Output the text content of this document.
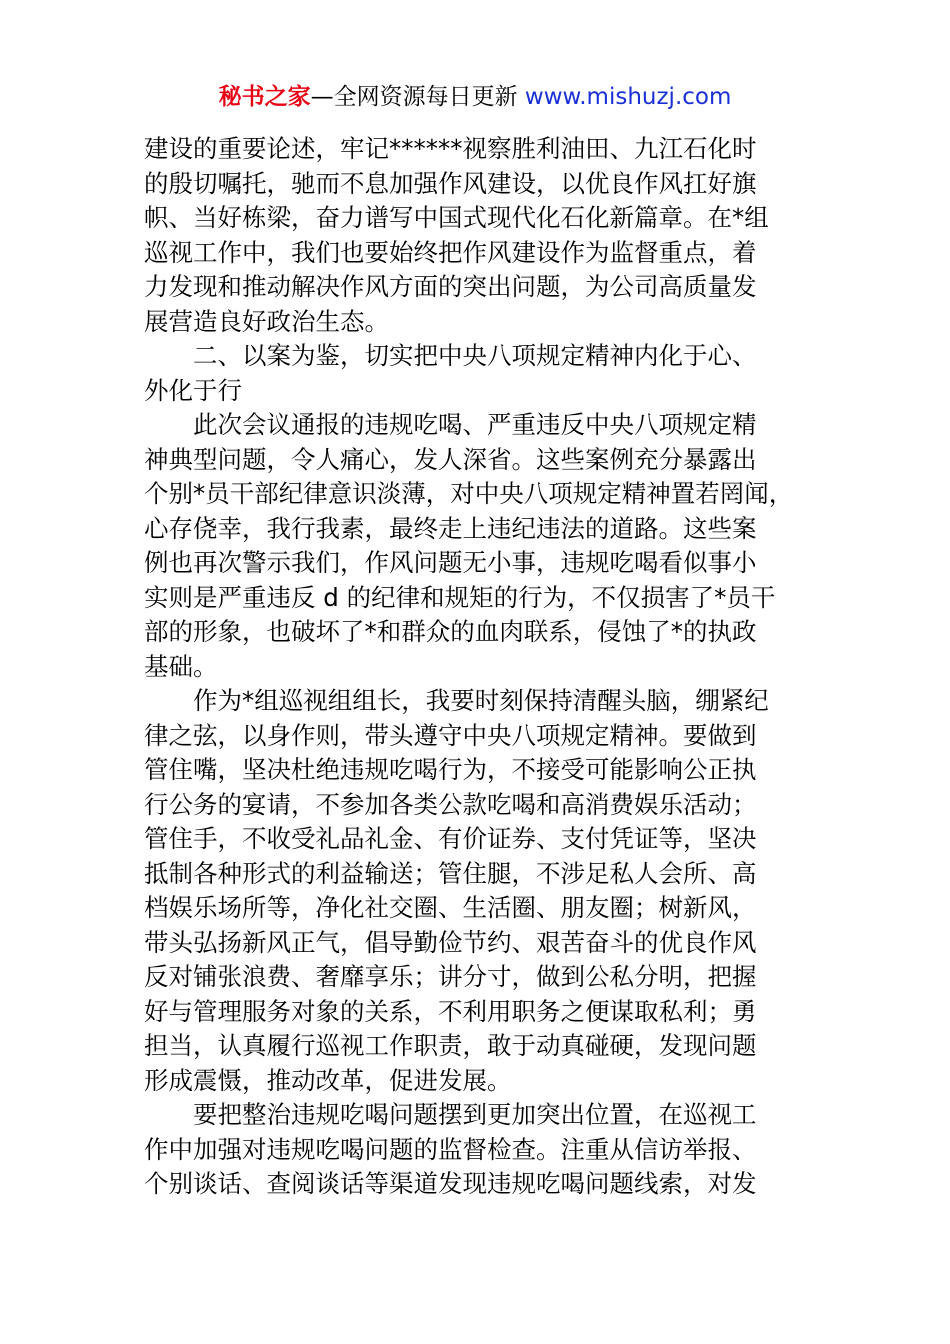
秘书之家—全网资源每日更新 www.mishuzj.com
建设的重要论述，牢记******视察胜利油田、九江石化时
的殷切嘱托，驰而不息加强作风建设，以优良作风扛好旗
帜、当好栋梁，奋力谱写中国式现代化石化新篇章。在*组
巡视工作中，我们也要始终把作风建设作为监督重点，着
力发现和推动解决作风方面的突出问题，为公司高质量发
展营造良好政治生态。
二、以案为鉴，切实把中央八项规定精神内化于心、
外化于行
此次会议通报的违规吃喝、严重违反中央八项规定精
神典型问题，令人痛心，发人深省。这些案例充分暴露出
个别*员干部纪律意识淡薄，对中央八项规定精神置若罔闻，
心存侥幸，我行我素，最终走上违纪违法的道路。这些案
例也再次警示我们，作风问题无小事，违规吃喝看似事小
实则是严重违反 d 的纪律和规矩的行为，不仅损害了*员干
部的形象，也破坏了*和群众的血肉联系，侵蚀了*的执政
基础。
作为*组巡视组组长，我要时刻保持清醒头脑，绷紧纪
律之弦，以身作则，带头遵守中央八项规定精神。要做到
管住嘴，坚决杜绝违规吃喝行为，不接受可能影响公正执
行公务的宴请，不参加各类公款吃喝和高消费娱乐活动；
管住手，不收受礼品礼金、有价证券、支付凭证等，坚决
抵制各种形式的利益输送；管住腿，不涉足私人会所、高
档娱乐场所等，净化社交圈、生活圈、朋友圈；树新风，
带头弘扬新风正气，倡导勤俭节约、艰苦奋斗的优良作风
反对铺张浪费、奢靡享乐；讲分寸，做到公私分明，把握
好与管理服务对象的关系，不利用职务之便谋取私利；勇
担当，认真履行巡视工作职责，敢于动真碰硬，发现问题
形成震慑，推动改革，促进发展。
要把整治违规吃喝问题摆到更加突出位置，在巡视工
作中加强对违规吃喝问题的监督检查。注重从信访举报、
个别谈话、查阅谈话等渠道发现违规吃喝问题线索，对发
